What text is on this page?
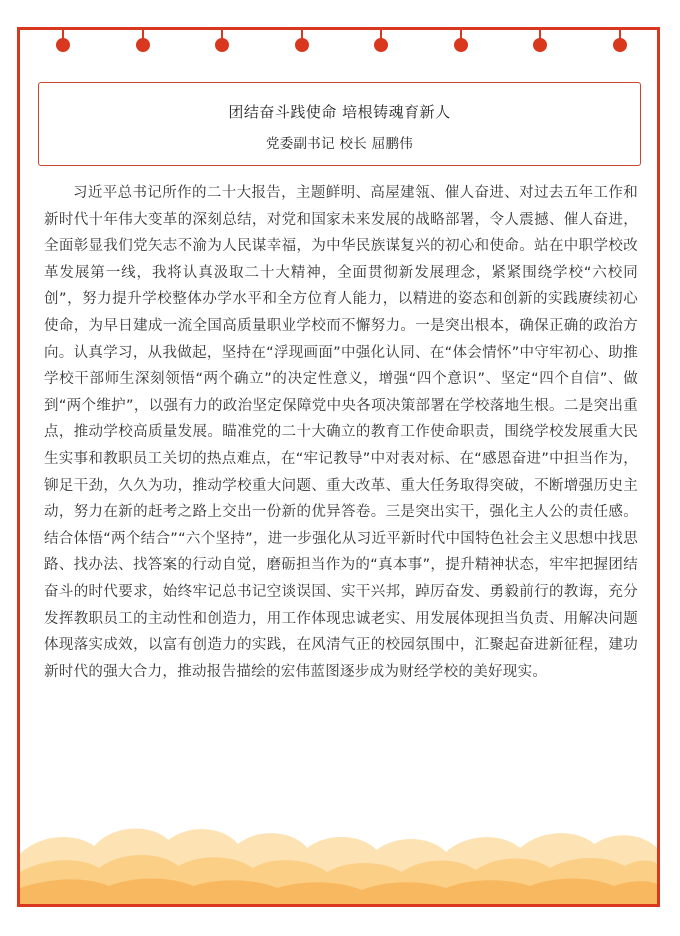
团结奋斗践使命 培根铸魂育新人
党委副书记 校长 屈鹏伟

习近平总书记所作的二十大报告，主题鲜明、高屋建瓴、催人奋进、对过去五年工作和新时代十年伟大变革的深刻总结，对党和国家未来发展的战略部署，令人震撼、催人奋进，全面彰显我们党矢志不渝为人民谋幸福，为中华民族谋复兴的初心和使命。站在中职学校改革发展第一线，我将认真汲取二十大精神，全面贯彻新发展理念，紧紧围绕学校“六校同创”，努力提升学校整体办学水平和全方位育人能力，以精进的姿态和创新的实践赓续初心使命，为早日建成一流全国高质量职业学校而不懈努力。一是突出根本，确保正确的政治方向。认真学习，从我做起，坚持在“浮现画面”中强化认同、在“体会情怀”中守牢初心、助推学校干部师生深刻领悟“两个确立”的决定性意义，增强“四个意识”、坚定“四个自信”、做到“两个维护”，以强有力的政治坚定保障党中央各项决策部署在学校落地生根。二是突出重点，推动学校高质量发展。瞄准党的二十大确立的教育工作使命职责，围绕学校发展重大民生实事和教职员工关切的热点难点，在“牢记教导”中对表对标、在“感恩奋进”中担当作为，铆足干劲，久久为功，推动学校重大问题、重大改革、重大任务取得突破，不断增强历史主动，努力在新的赶考之路上交出一份新的优异答卷。三是突出实干，强化主人公的责任感。结合体悟“两个结合”“六个坚持”，进一步强化从习近平新时代中国特色社会主义思想中找思路、找办法、找答案的行动自觉，磨砺担当作为的“真本事”，提升精神状态，牢牢把握团结奋斗的时代要求，始终牢记总书记空谈误国、实干兴邦，踔厉奋发、勇毅前行的教诲，充分发挥教职员工的主动性和创造力，用工作体现忠诚老实、用发展体现担当负责、用解决问题体现落实成效，以富有创造力的实践，在风清气正的校园氛围中，汇聚起奋进新征程，建功新时代的强大合力，推动报告描绘的宏伟蓝图逐步成为财经学校的美好现实。
